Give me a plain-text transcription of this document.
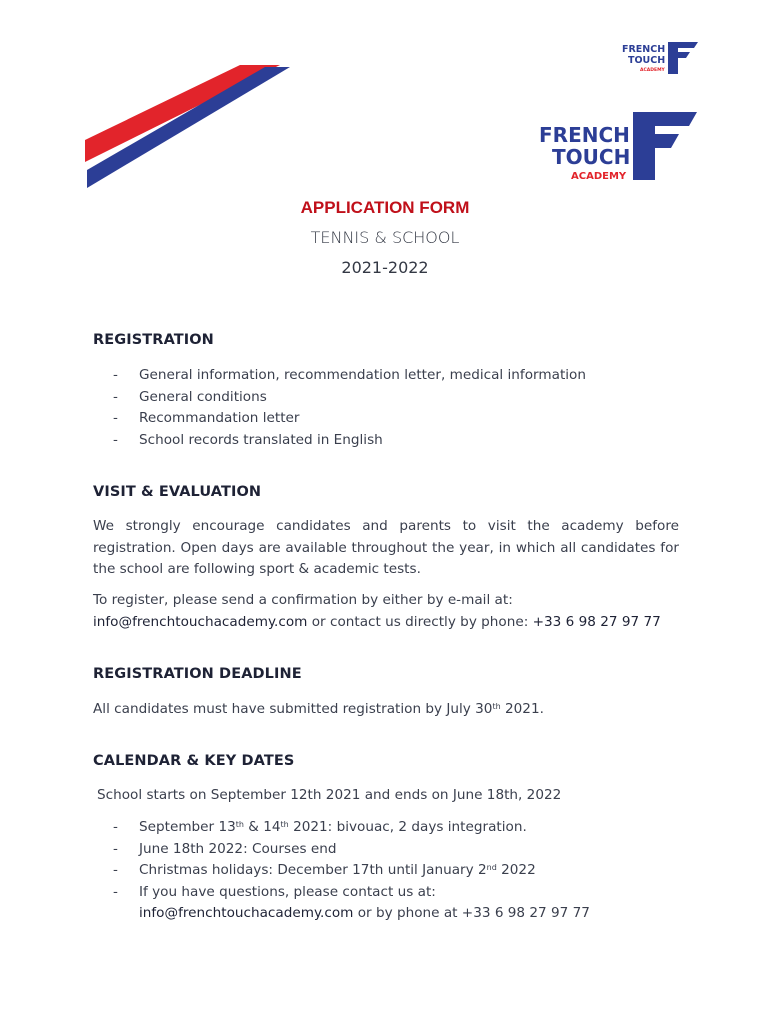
FRENCH
TOUCH
ACADEMY
FRENCH
TOUCH
ACADEMY
APPLICATION FORM
TENNIS & SCHOOL
2021-2022
REGISTRATION
- General information, recommendation letter, medical information
- General conditions
- Recommandation letter
- School records translated in English
VISIT & EVALUATION
We strongly encourage candidates and parents to visit the academy before registration. Open days are available throughout the year, in which all candidates for the school are following sport & academic tests.
To register, please send a confirmation by either by e-mail at:
info@frenchtouchacademy.com or contact us directly by phone: +33 6 98 27 97 77
REGISTRATION DEADLINE
All candidates must have submitted registration by July 30th 2021.
CALENDAR & KEY DATES
School starts on September 12th 2021 and ends on June 18th, 2022
- September 13th & 14th 2021: bivouac, 2 days integration.
- June 18th 2022: Courses end
- Christmas holidays: December 17th until January 2nd 2022
- If you have questions, please contact us at:
info@frenchtouchacademy.com or by phone at +33 6 98 27 97 77
